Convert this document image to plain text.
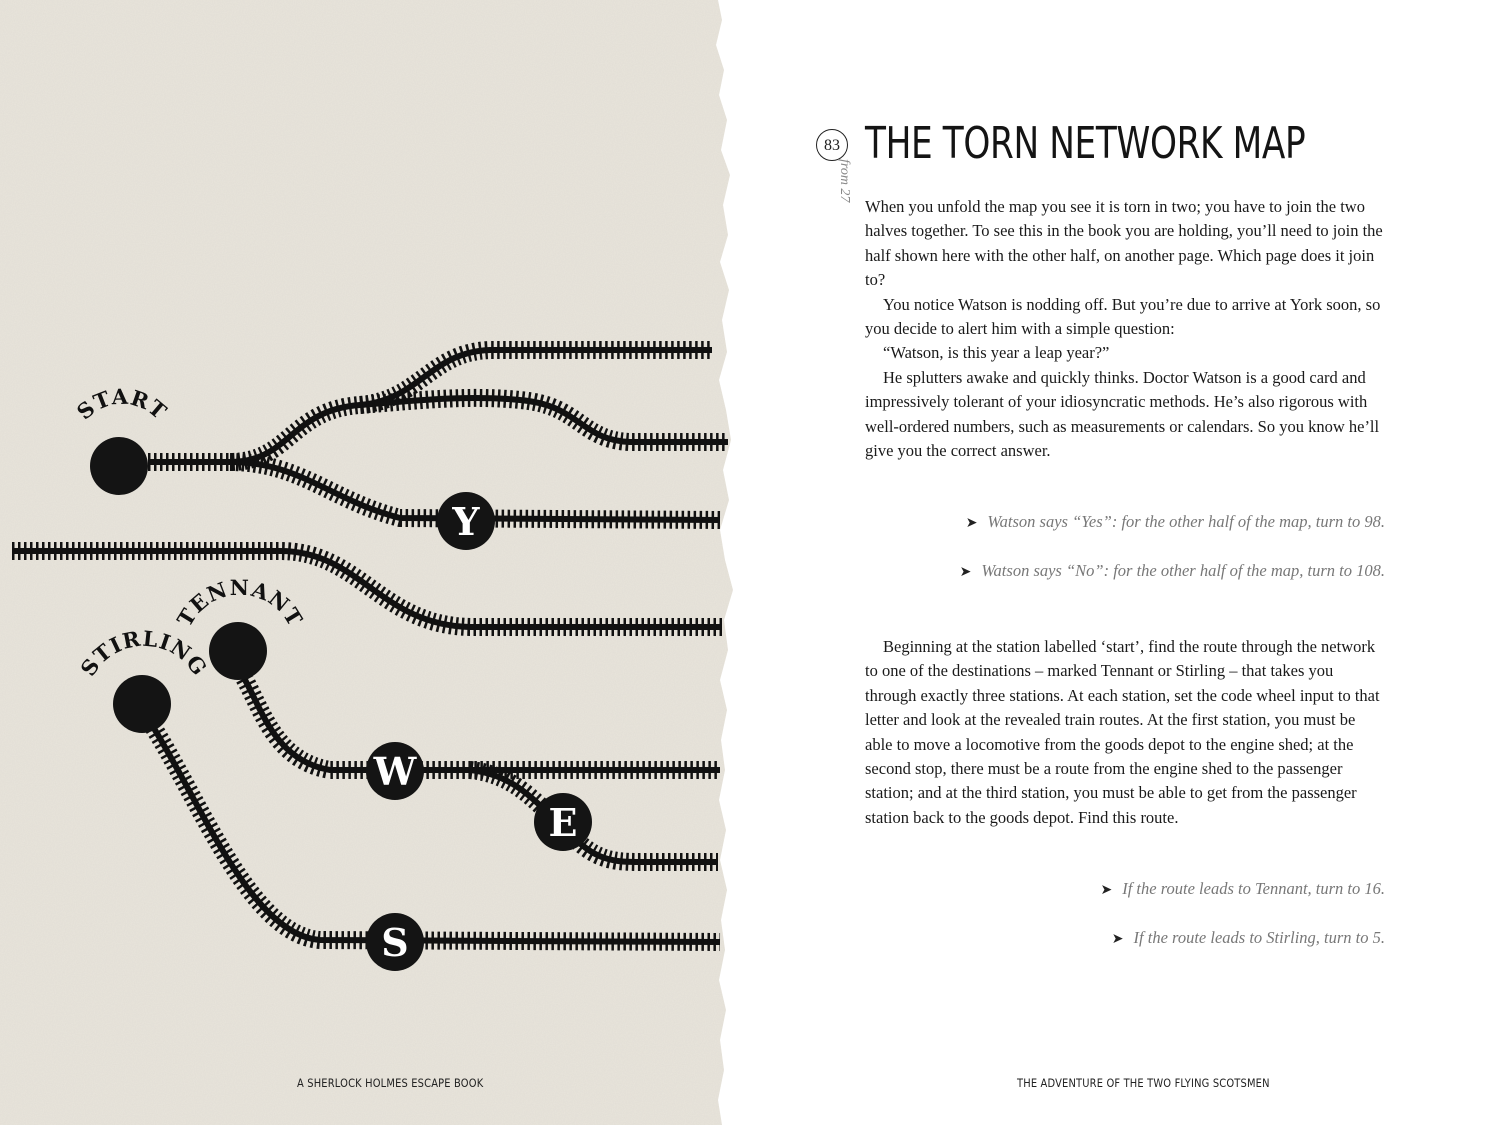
Y
W
E
S
START
TENNANT
STIRLING
A SHERLOCK HOLMES ESCAPE BOOK
83
from 27
THE TORN NETWORK MAP

When you unfold the map you see it is torn in two; you have to join the two halves together. To see this in the book you are holding, you’ll need to join the half shown here with the other half, on another page. Which page does it join to?

You notice Watson is nodding off. But you’re due to arrive at York soon, so you decide to alert him with a simple question:

“Watson, is this year a leap year?”

He splutters awake and quickly thinks. Doctor Watson is a good card and impressively tolerant of your idiosyncratic methods. He’s also rigorous with well-ordered numbers, such as measurements or calendars. So you know he’ll give you the correct answer.

➤ Watson says “Yes”: for the other half of the map, turn to 98.
➤ Watson says “No”: for the other half of the map, turn to 108.

Beginning at the station labelled ‘start’, find the route through the network to one of the destinations – marked Tennant or Stirling – that takes you through exactly three stations. At each station, set the code wheel input to that letter and look at the revealed train routes. At the first station, you must be able to move a locomotive from the goods depot to the engine shed; at the second stop, there must be a route from the engine shed to the passenger station; and at the third station, you must be able to get from the passenger station back to the goods depot. Find this route.

➤ If the route leads to Tennant, turn to 16.
➤ If the route leads to Stirling, turn to 5.
THE ADVENTURE OF THE TWO FLYING SCOTSMEN
